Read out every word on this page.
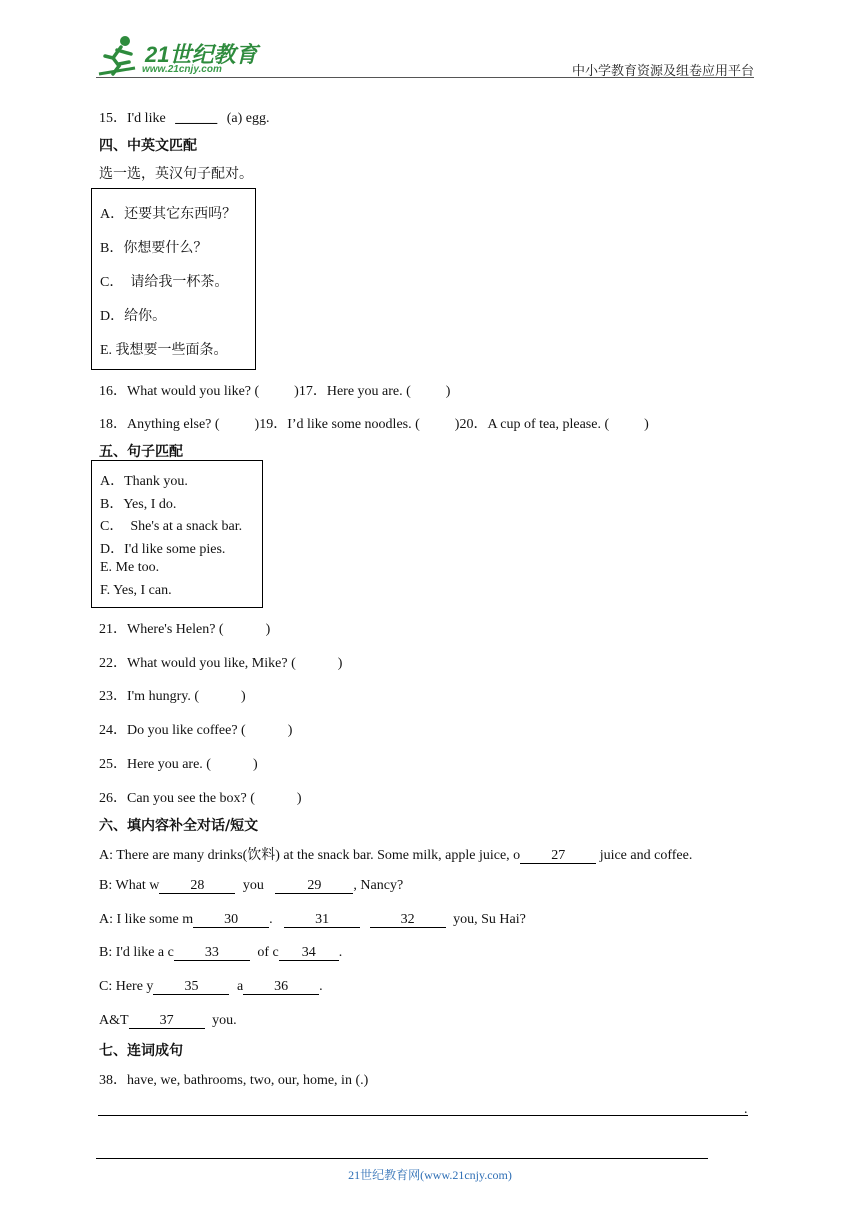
21世纪教育
www.21cnjy.com	中小学教育资源及组卷应用平台
15．I'd like ______ (a) egg.
四、中英文匹配
选一选，英汉句子配对。
A．还要其它东西吗？
B．你想要什么？
C．  请给我一杯茶。
D．给你。
E. 我想要一些面条。
16．What would you like? (          )17．Here you are. (          )
18．Anything else? (          )19．I’d like some noodles. (          )20．A cup of tea, please. (          )
五、句子匹配
A．Thank you.
B．Yes, I do.
C．  She's at a snack bar.
D．I'd like some pies.
E. Me too.
F. Yes, I can.
21．Where's Helen? (            )
22．What would you like, Mike? (            )
23．I'm hungry. (            )
24．Do you like coffee? (            )
25．Here you are. (            )
26．Can you see the box? (            )
六、填内容补全对话/短文
A: There are many drinks(饮料) at the snack bar. Some milk, apple juice, o 27 juice and coffee.
B: What w 28	you	29 , Nancy?
A: I like some m 30 .	31	32	you, Su Hai?
B: I'd like a c 33	of c 34 .
C: Here y 35	a 36 .
A&T 37	you.
七、连词成句
38．have, we, bathrooms, two, our, home, in (.)
.
21世纪教育网(www.21cnjy.com)
